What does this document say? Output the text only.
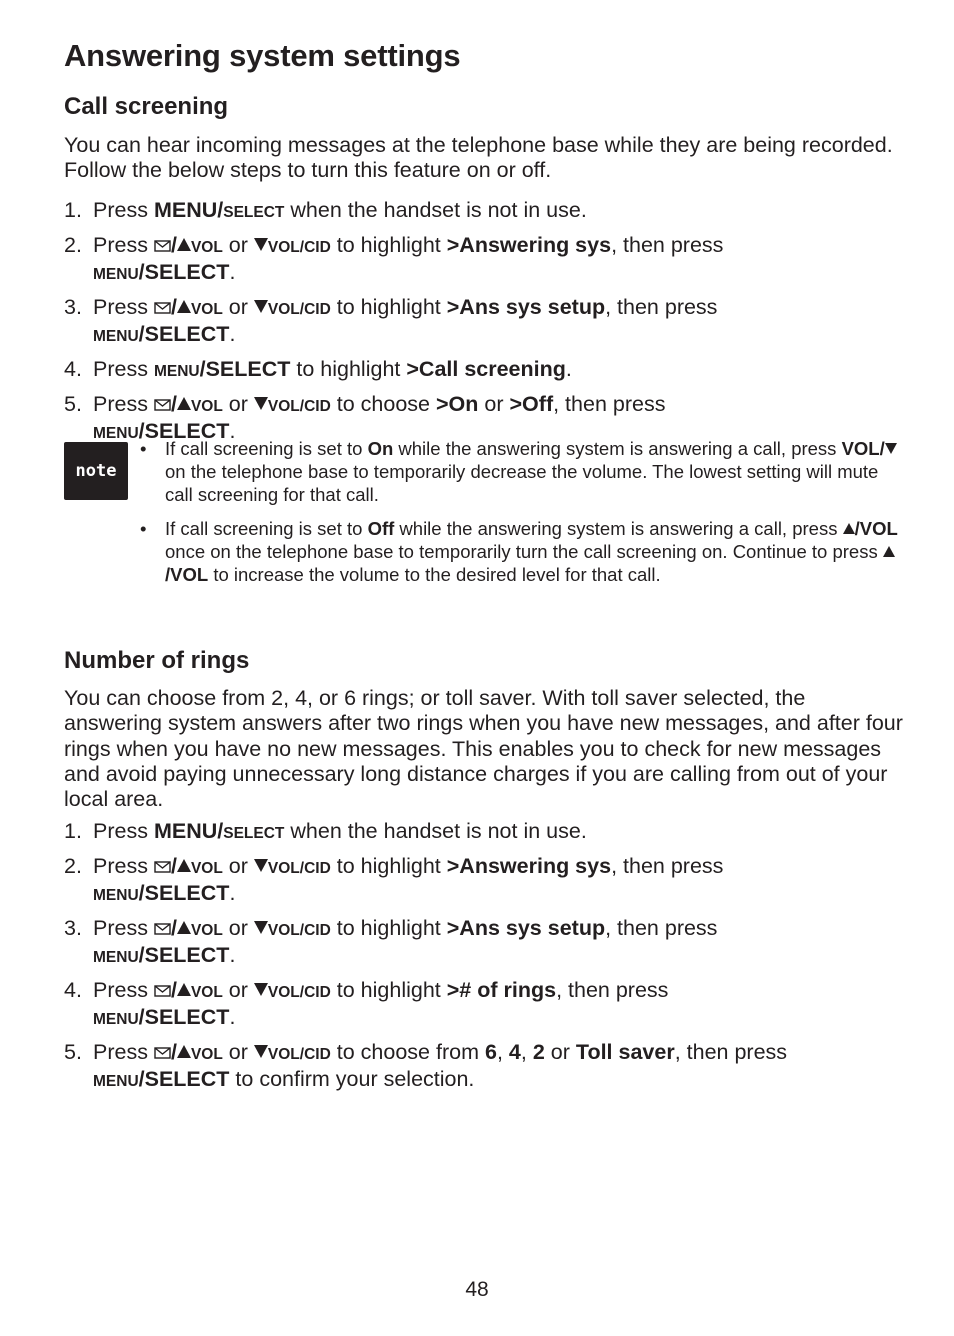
Answering system settings
Call screening

You can hear incoming messages at the telephone base while they are being recorded. Follow the below steps to turn this feature on or off.

1. Press MENU/SELECT when the handset is not in use.
2. Press / VOL or VOL/CID to highlight >Answering sys, then press
MENU/SELECT.
3. Press / VOL or VOL/CID to highlight >Ans sys setup, then press
MENU/SELECT.
4. Press MENU/SELECT to highlight >Call screening.
5. Press / VOL or VOL/CID to choose >On or >Off, then press
MENU/SELECT.
note
• If call screening is set to On while the answering system is answering a call, press VOL/ on the telephone base to temporarily decrease the volume. The lowest setting will mute call screening for that call.
• If call screening is set to Off while the answering system is answering a call, press /VOL once on the telephone base to temporarily turn the call screening on. Continue to press /VOL to increase the volume to the desired level for that call.
Number of rings

You can choose from 2, 4, or 6 rings; or toll saver. With toll saver selected, the answering system answers after two rings when you have new messages, and after four rings when you have no new messages. This enables you to check for new messages and avoid paying unnecessary long distance charges if you are calling from out of your local area.

1. Press MENU/SELECT when the handset is not in use.
2. Press / VOL or VOL/CID to highlight >Answering sys, then press
MENU/SELECT.
3. Press / VOL or VOL/CID to highlight >Ans sys setup, then press
MENU/SELECT.
4. Press / VOL or VOL/CID to highlight ># of rings, then press
MENU/SELECT.
5. Press / VOL or VOL/CID to choose from 6, 4, 2 or Toll saver, then press
MENU/SELECT to confirm your selection.
48
